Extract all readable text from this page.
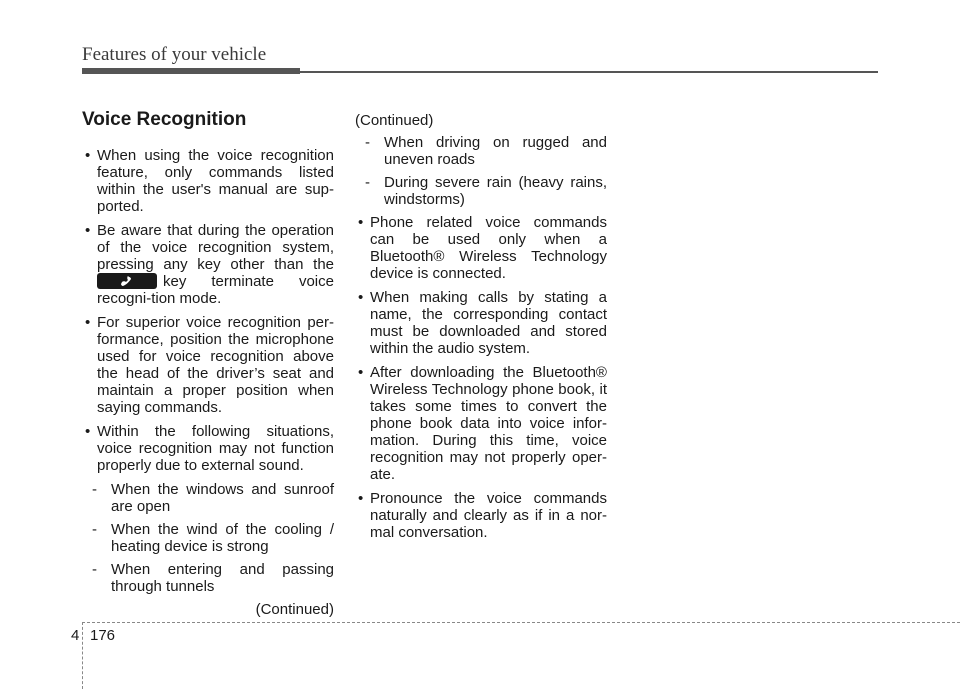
Features of your vehicle
Voice Recognition
• When using the voice recognition feature, only commands listed within the user's manual are sup-ported.
• Be aware that during the operation of the voice recognition system, pressing any key other than the
key terminate voice recogni-tion mode.
• For superior voice recognition per-formance, position the microphone used for voice recognition above the head of the driver’s seat and maintain a proper position when saying commands.
• Within the following situations, voice recognition may not function properly due to external sound.
- When the windows and sunroof are open
- When the wind of the cooling / heating device is strong
- When entering and passing through tunnels
(Continued)
(Continued)
- When driving on rugged and uneven roads
- During severe rain (heavy rains, windstorms)
• Phone related voice commands can be used only when a Bluetooth® Wireless Technology device is connected.
• When making calls by stating a name, the corresponding contact must be downloaded and stored within the audio system.
• After downloading the Bluetooth® Wireless Technology phone book, it takes some times to convert the phone book data into voice infor-mation. During this time, voice recognition may not properly oper-ate.
• Pronounce the voice commands naturally and clearly as if in a nor-mal conversation.
4 176
